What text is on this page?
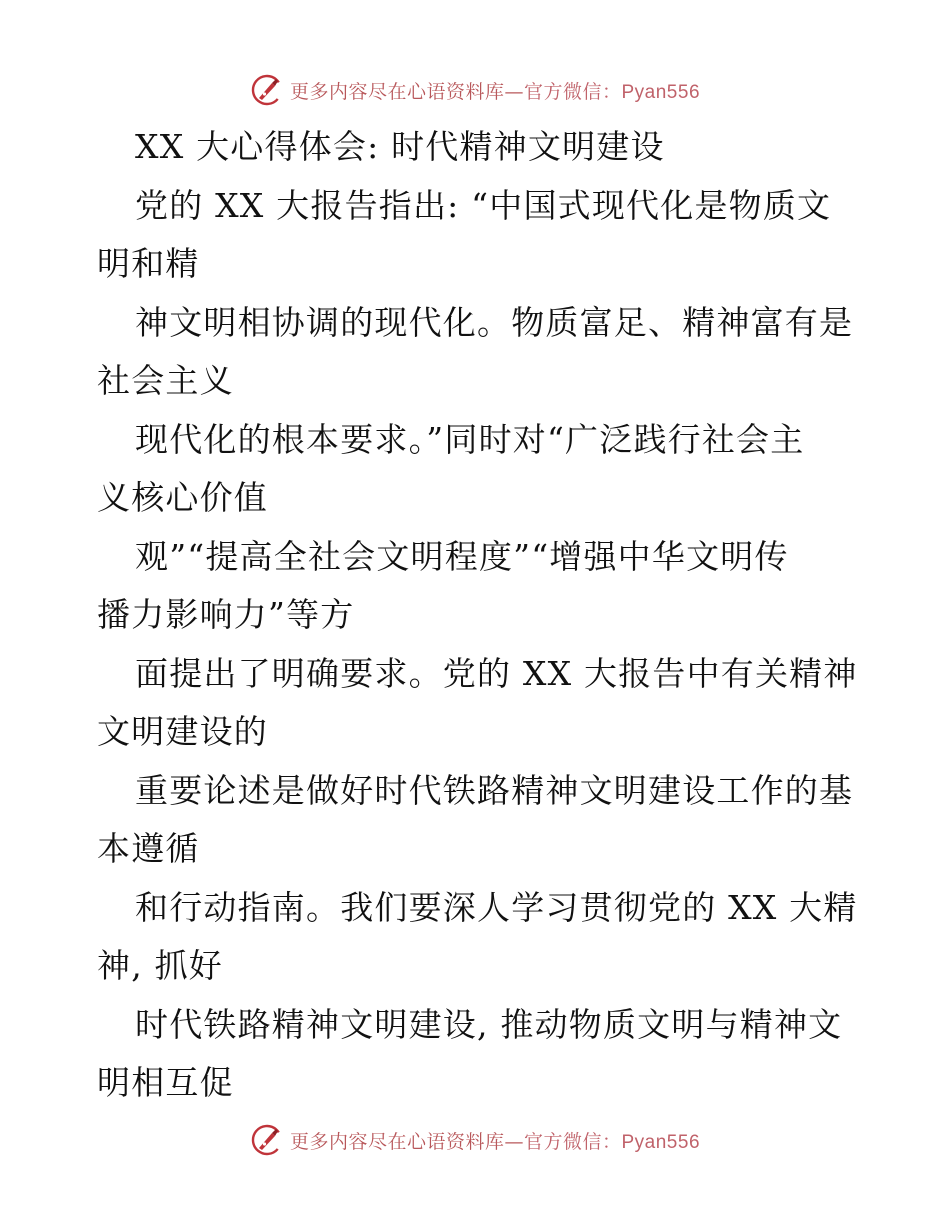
更多内容尽在心语资料库—官方微信：Pyan556
XX 大心得体会: 时代精神文明建设
党的 XX 大报告指出: “中国式现代化是物质文
明和精
神文明相协调的现代化。物质富足、精神富有是
社会主义
现代化的根本要求。”同时对“广泛践行社会主
义核心价值
观”“提高全社会文明程度”“增强中华文明传
播力影响力”等方
面提出了明确要求。党的 XX 大报告中有关精神
文明建设的
重要论述是做好时代铁路精神文明建设工作的基
本遵循
和行动指南。我们要深人学习贯彻党的 XX 大精
神, 抓好
时代铁路精神文明建设, 推动物质文明与精神文
明相互促
更多内容尽在心语资料库—官方微信：Pyan556
